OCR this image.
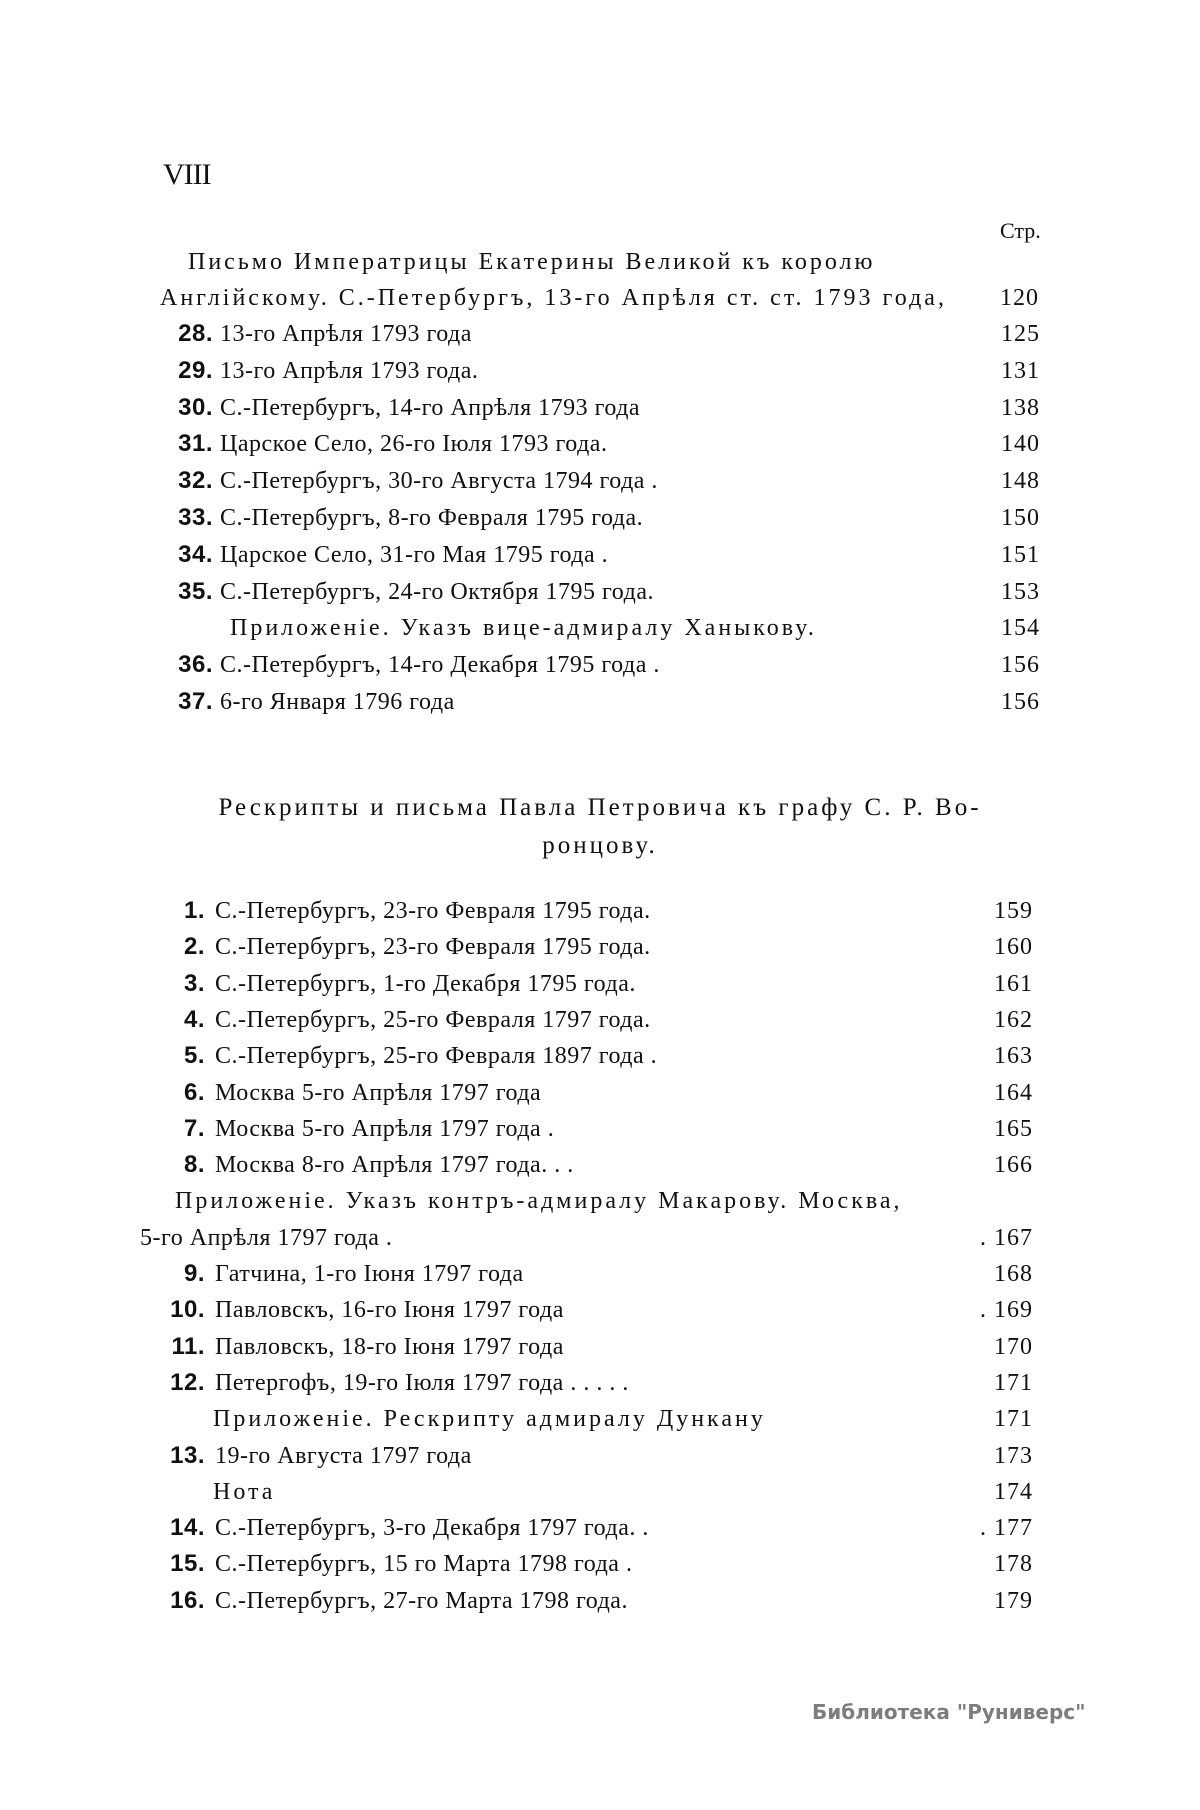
VIII
Стр.
Письмо Императрицы Екатерины Великой къ королю
Англійскому. С.-Петербургъ, 13-го Апрѣля ст. ст. 1793 года, 120
28. 13-го Апрѣля 1793 года	125
29. 13-го Апрѣля 1793 года.	131
30. С.-Петербургъ, 14-го Апрѣля 1793 года	138
31. Царское Село, 26-го Іюля 1793 года.	140
32. С.-Петербургъ, 30-го Августа 1794 года .	148
33. С.-Петербургъ, 8-го Февраля 1795 года.	150
34. Царское Село, 31-го Мая 1795 года .	151
35. С.-Петербургъ, 24-го Октября 1795 года.	153
Приложеніе. Указъ вице-адмиралу Ханыкову.	154
36. С.-Петербургъ, 14-го Декабря 1795 года .	156
37. 6-го Января 1796 года	156
Рескрипты и письма Павла Петровича къ графу С. Р. Во-
ронцову.
1. С.-Петербургъ, 23-го Февраля 1795 года.	159
2. С.-Петербургъ, 23-го Февраля 1795 года.	160
3. С.-Петербургъ, 1-го Декабря 1795 года.	161
4. С.-Петербургъ, 25-го Февраля 1797 года.	162
5. С.-Петербургъ, 25-го Февраля 1897 года .	163
6. Москва 5-го Апрѣля 1797 года	164
7. Москва 5-го Апрѣля 1797 года .	165
8. Москва 8-го Апрѣля 1797 года. . .	166
Приложеніе. Указъ контръ-адмиралу Макарову. Москва,
5-го Апрѣля 1797 года .	. 167
9. Гатчина, 1-го Іюня 1797 года	168
10. Павловскъ, 16-го Іюня 1797 года	. 169
11. Павловскъ, 18-го Іюня 1797 года	170
12. Петергофъ, 19-го Іюля 1797 года . . . . .	171
Приложеніе. Рескрипту адмиралу Дункану	171
13. 19-го Августа 1797 года	173
Нота	174
14. С.-Петербургъ, 3-го Декабря 1797 года. .	. 177
15. С.-Петербургъ, 15 го Марта 1798 года .	178
16. С.-Петербургъ, 27-го Марта 1798 года.	179
Библиотека "Руниверс"
